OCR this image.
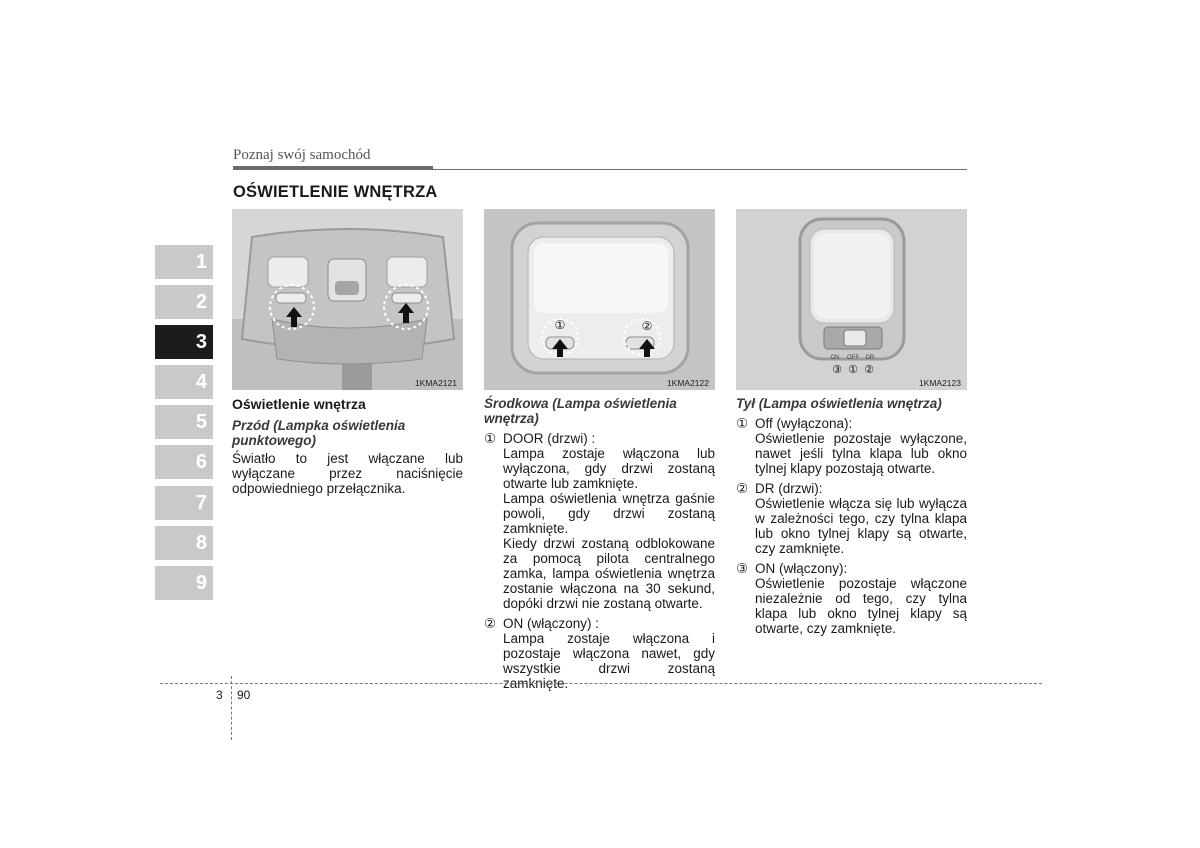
Poznaj swój samochód
OŚWIETLENIE WNĘTRZA
1
2
3
4
5
6
7
8
9
1KMA2121
①	②
1KMA2122
ON OFF DR
③ ① ②
1KMA2123

Oświetlenie wnętrza

Przód (Lampka oświetlenia punktowego)

Światło to jest włączane lub wyłączane przez naciśnięcie odpowiedniego przełącznika.

Środkowa (Lampa oświetlenia wnętrza)

① DOOR (drzwi) :

Lampa zostaje włączona lub wyłączona, gdy drzwi zostaną otwarte lub zamknięte.

Lampa oświetlenia wnętrza gaśnie powoli, gdy drzwi zostaną zamknięte.

Kiedy drzwi zostaną odblokowane za pomocą pilota centralnego zamka, lampa oświetlenia wnętrza zostanie włączona na 30 sekund, dopóki drzwi nie zostaną otwarte.

② ON (włączony) :

Lampa zostaje włączona i pozostaje włączona nawet, gdy wszystkie drzwi zostaną zamknięte.

Tył (Lampa oświetlenia wnętrza)

① Off (wyłączona):

Oświetlenie pozostaje wyłączone, nawet jeśli tylna klapa lub okno tylnej klapy pozostają otwarte.

② DR (drzwi):

Oświetlenie włącza się lub wyłącza w zależności tego, czy tylna klapa lub okno tylnej klapy są otwarte, czy zamknięte.

③ ON (włączony):

Oświetlenie pozostaje włączone niezależnie od tego, czy tylna klapa lub okno tylnej klapy są otwarte, czy zamknięte.

3 90
